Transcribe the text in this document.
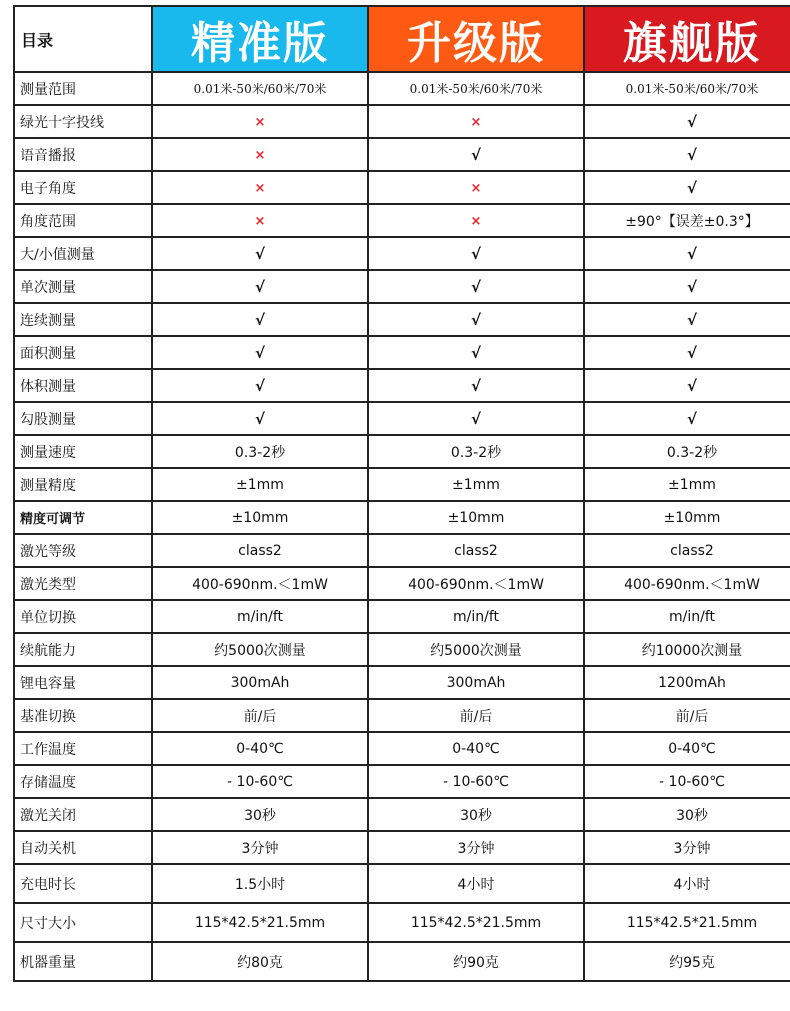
目录	精准版	升级版	旗舰版
测量范围	0.01米-50米/60米/70米	0.01米-50米/60米/70米	0.01米-50米/60米/70米
绿光十字投线	×	×	√
语音播报	×	√	√
电子角度	×	×	√
角度范围	×	×	±90°【误差±0.3°】
大/小值测量	√	√	√
单次测量	√	√	√
连续测量	√	√	√
面积测量	√	√	√
体积测量	√	√	√
勾股测量	√	√	√
测量速度	0.3-2秒	0.3-2秒	0.3-2秒
测量精度	±1mm	±1mm	±1mm
精度可调节	±10mm	±10mm	±10mm
激光等级	class2	class2	class2
激光类型	400-690nm.＜1mW	400-690nm.＜1mW	400-690nm.＜1mW
单位切换	m/in/ft	m/in/ft	m/in/ft
续航能力	约5000次测量	约5000次测量	约10000次测量
锂电容量	300mAh	300mAh	1200mAh
基准切换	前/后	前/后	前/后
工作温度	0-40℃	0-40℃	0-40℃
存储温度	- 10-60℃	- 10-60℃	- 10-60℃
激光关闭	30秒	30秒	30秒
自动关机	3分钟	3分钟	3分钟
充电时长	1.5小时	4小时	4小时
尺寸大小	115*42.5*21.5mm	115*42.5*21.5mm	115*42.5*21.5mm
机器重量	约80克	约90克	约95克
